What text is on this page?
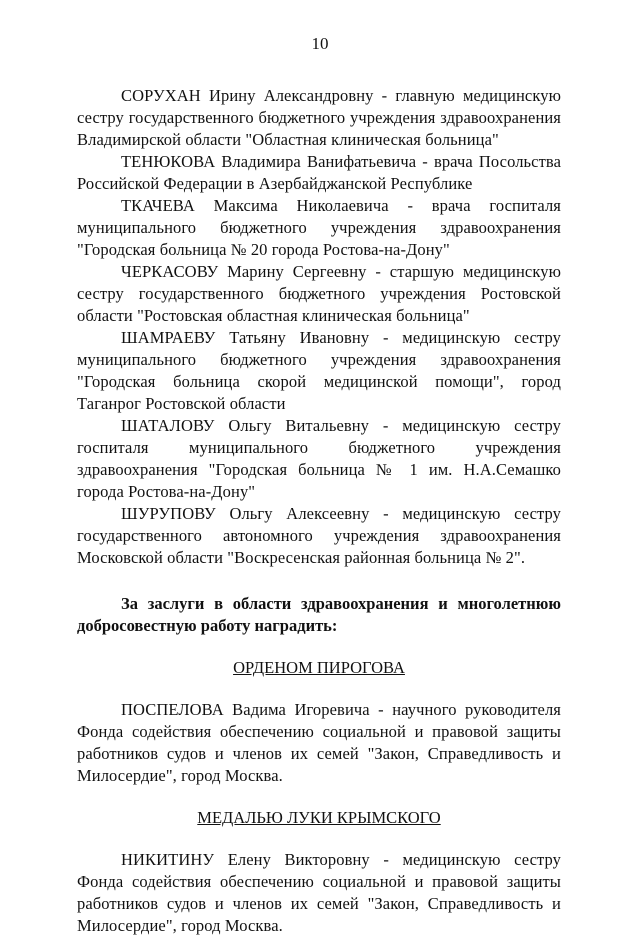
10

СОРУХАН Ирину Александровну - главную медицинскую сестру государственного бюджетного учреждения здравоохранения Владимирской области "Областная клиническая больница"

ТЕНЮКОВА Владимира Ванифатьевича - врача Посольства Российской Федерации в Азербайджанской Республике

ТКАЧЕВА Максима Николаевича - врача госпиталя муниципального бюджетного учреждения здравоохранения "Городская больница № 20 города Ростова-на-Дону"

ЧЕРКАСОВУ Марину Сергеевну - старшую медицинскую сестру государственного бюджетного учреждения Ростовской области "Ростовская областная клиническая больница"

ШАМРАЕВУ Татьяну Ивановну - медицинскую сестру муниципального бюджетного учреждения здравоохранения "Городская больница скорой медицинской помощи", город Таганрог Ростовской области

ШАТАЛОВУ Ольгу Витальевну - медицинскую сестру госпиталя муниципального бюджетного учреждения здравоохранения "Городская больница № 1 им. Н.А.Семашко города Ростова-на-Дону"

ШУРУПОВУ Ольгу Алексеевну - медицинскую сестру государственного автономного учреждения здравоохранения Московской области "Воскресенская районная больница № 2".

За заслуги в области здравоохранения и многолетнюю добросовестную работу наградить:

ОРДЕНОМ ПИРОГОВА

ПОСПЕЛОВА Вадима Игоревича - научного руководителя Фонда содействия обеспечению социальной и правовой защиты работников судов и членов их семей "Закон, Справедливость и Милосердие", город Москва.

МЕДАЛЬЮ ЛУКИ КРЫМСКОГО

НИКИТИНУ Елену Викторовну - медицинскую сестру Фонда содействия обеспечению социальной и правовой защиты работников судов и членов их семей "Закон, Справедливость и Милосердие", город Москва.
